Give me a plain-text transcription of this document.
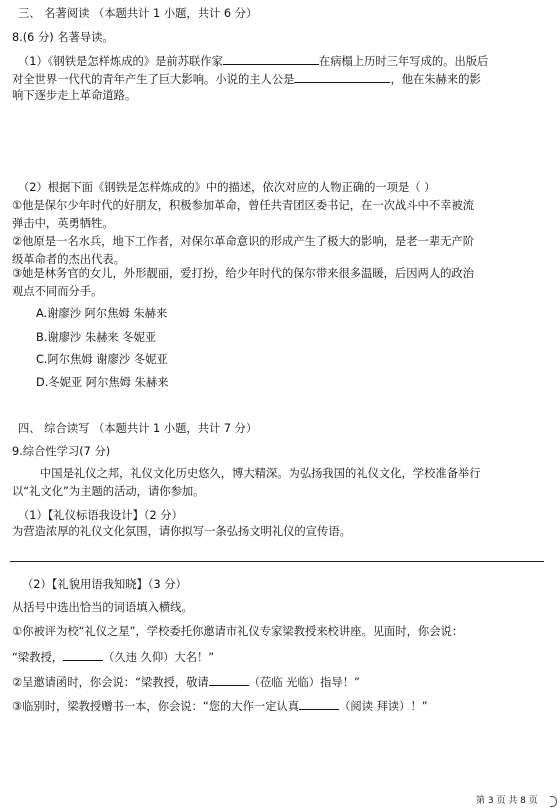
三、 名著阅读 （本题共计 1 小题，共计 6 分）
8.(6 分) 名著导读。
（1）《钢铁是怎样炼成的》是前苏联作家	在病榻上历时三年写成的。出版后
对全世界一代代的青年产生了巨大影响。小说的主人公是	，他在朱赫来的影
响下逐步走上革命道路。
（2）根据下面《钢铁是怎样炼成的》中的描述，依次对应的人物正确的一项是（ ）
①他是保尔少年时代的好朋友，积极参加革命，曾任共青团区委书记，在一次战斗中不幸被流
弹击中，英勇牺牲。
②他原是一名水兵，地下工作者，对保尔革命意识的形成产生了极大的影响，是老一辈无产阶
级革命者的杰出代表。
③她是林务官的女儿，外形靓丽，爱打扮，给少年时代的保尔带来很多温暖，后因两人的政治
观点不同而分手。
A.谢廖沙 阿尔焦姆 朱赫来
B.谢廖沙 朱赫来 冬妮亚
C.阿尔焦姆 谢廖沙 冬妮亚
D.冬妮亚 阿尔焦姆 朱赫来
四、 综合读写 （本题共计 1 小题，共计 7 分）
9.综合性学习(7 分)
中国是礼仪之邦，礼仪文化历史悠久，博大精深。为弘扬我国的礼仪文化，学校准备举行
以“礼文化”为主题的活动，请你参加。
（1）【礼仪标语我设计】（2 分）
为营造浓厚的礼仪文化氛围，请你拟写一条弘扬文明礼仪的宣传语。
（2）【礼貌用语我知晓】（3 分）
从括号中选出恰当的词语填入横线。
①你被评为校“礼仪之星”，学校委托你邀请市礼仪专家梁教授来校讲座。见面时，你会说：
“梁教授，	（久违 久仰）大名！”
②呈邀请函时，你会说：“梁教授，敬请	（莅临 光临）指导！”
③临别时，梁教授赠书一本，你会说：“您的大作一定认真	（阅读 拜读）！”
第 3 页 共 8 页
